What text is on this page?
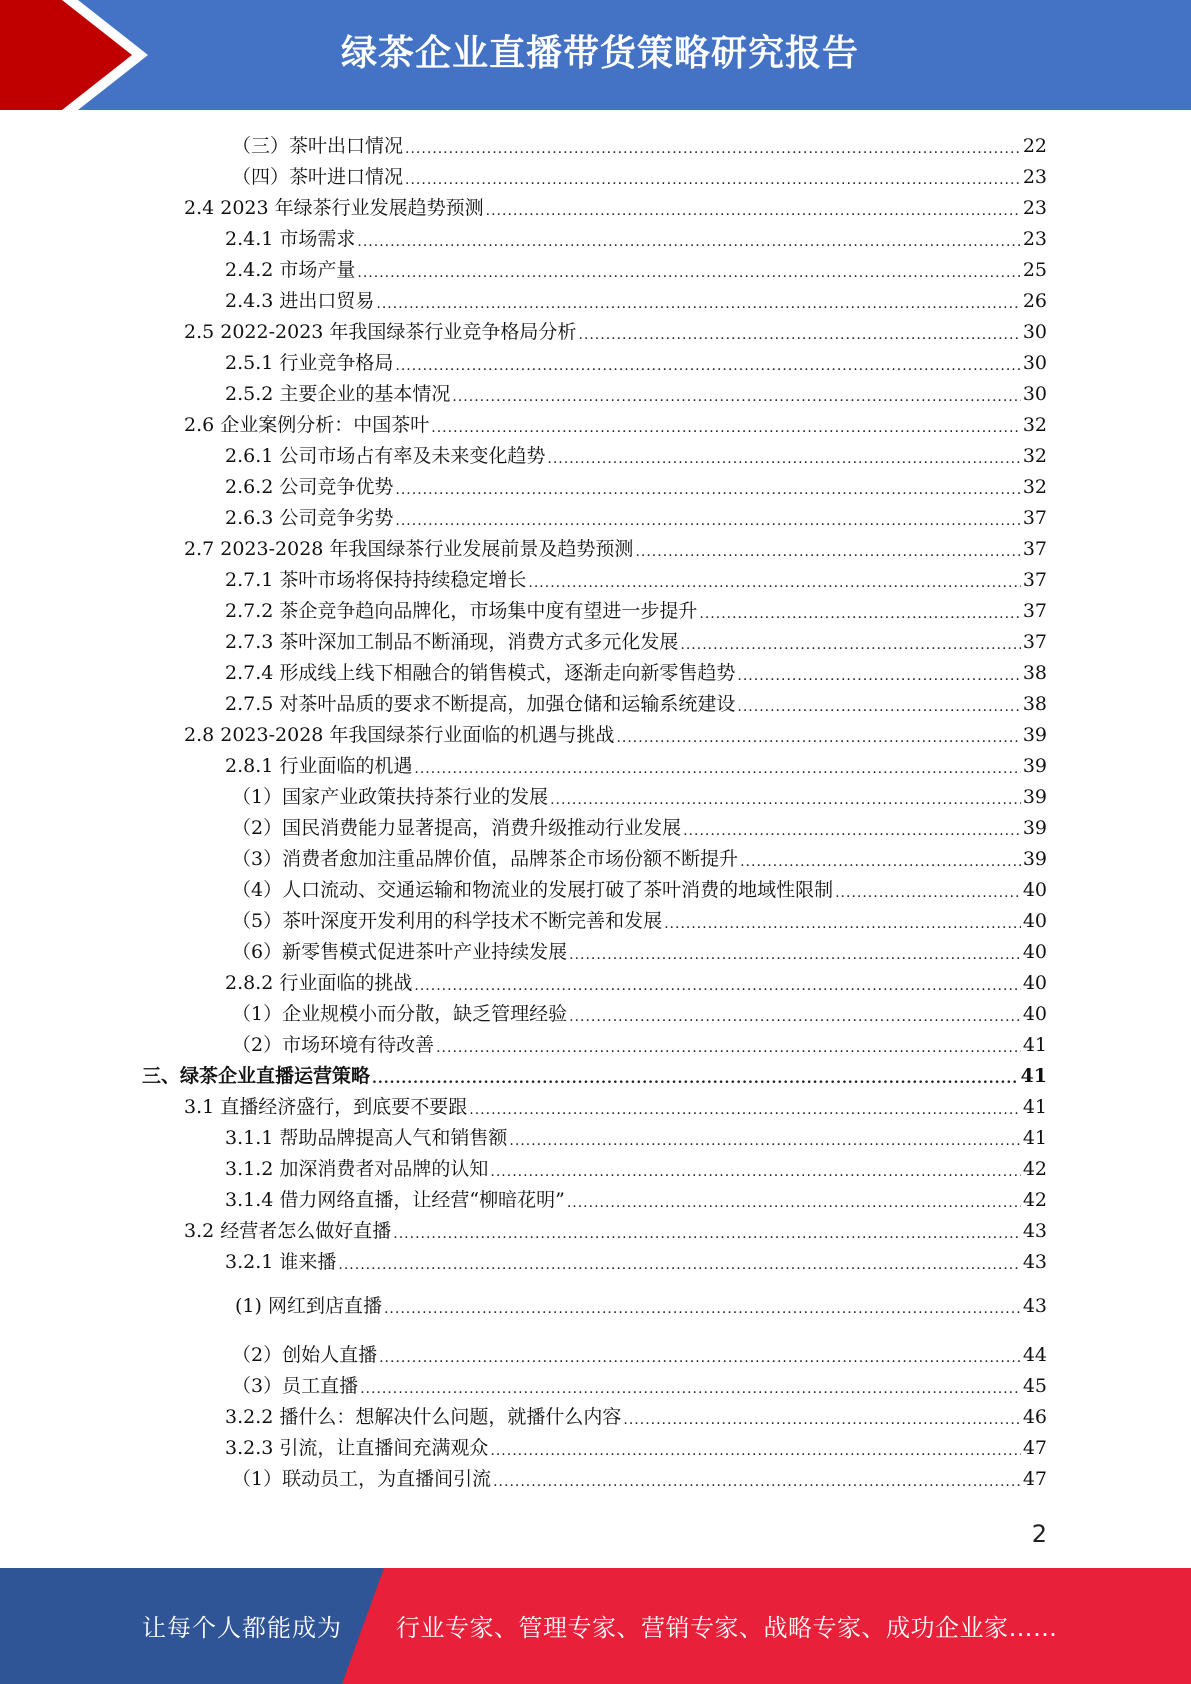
绿茶企业直播带货策略研究报告
（三）茶叶出口情况 .....	22
（四）茶叶进口情况 .....	23
2.4 2023 年绿茶行业发展趋势预测 .....	23
2.4.1 市场需求 .....	23
2.4.2 市场产量 .....	25
2.4.3 进出口贸易 .....	26
2.5 2022-2023 年我国绿茶行业竞争格局分析 .....	30
2.5.1 行业竞争格局 .....	30
2.5.2 主要企业的基本情况 .....	30
2.6 企业案例分析：中国茶叶 .....	32
2.6.1 公司市场占有率及未来变化趋势 .....	32
2.6.2 公司竞争优势 .....	32
2.6.3 公司竞争劣势 .....	37
2.7 2023-2028 年我国绿茶行业发展前景及趋势预测 .....	37
2.7.1 茶叶市场将保持持续稳定增长 .....	37
2.7.2 茶企竞争趋向品牌化，市场集中度有望进一步提升 .....	37
2.7.3 茶叶深加工制品不断涌现，消费方式多元化发展 .....	37
2.7.4 形成线上线下相融合的销售模式，逐渐走向新零售趋势 .....	38
2.7.5 对茶叶品质的要求不断提高，加强仓储和运输系统建设 .....	38
2.8 2023-2028 年我国绿茶行业面临的机遇与挑战 .....	39
2.8.1 行业面临的机遇 .....	39
（1）国家产业政策扶持茶行业的发展 .....	39
（2）国民消费能力显著提高，消费升级推动行业发展 .....	39
（3）消费者愈加注重品牌价值，品牌茶企市场份额不断提升 .....	39
（4）人口流动、交通运输和物流业的发展打破了茶叶消费的地域性限制 .....	40
（5）茶叶深度开发利用的科学技术不断完善和发展 .....	40
（6）新零售模式促进茶叶产业持续发展 .....	40
2.8.2 行业面临的挑战 .....	40
（1）企业规模小而分散，缺乏管理经验 .....	40
（2）市场环境有待改善 .....	41
三、绿茶企业直播运营策略 .....	41
3.1 直播经济盛行，到底要不要跟 .....	41
3.1.1 帮助品牌提高人气和销售额 .....	41
3.1.2 加深消费者对品牌的认知 .....	42
3.1.4 借力网络直播，让经营“柳暗花明” .....	42
3.2 经营者怎么做好直播 .....	43
3.2.1 谁来播 .....	43
(1) 网红到店直播 .....	43
（2）创始人直播 .....	44
（3）员工直播 .....	45
3.2.2 播什么：想解决什么问题，就播什么内容 .....	46
3.2.3 引流，让直播间充满观众 .....	47
（1）联动员工，为直播间引流 .....	47
2
让每个人都能成为 行业专家、管理专家、营销专家、战略专家、成功企业家……
